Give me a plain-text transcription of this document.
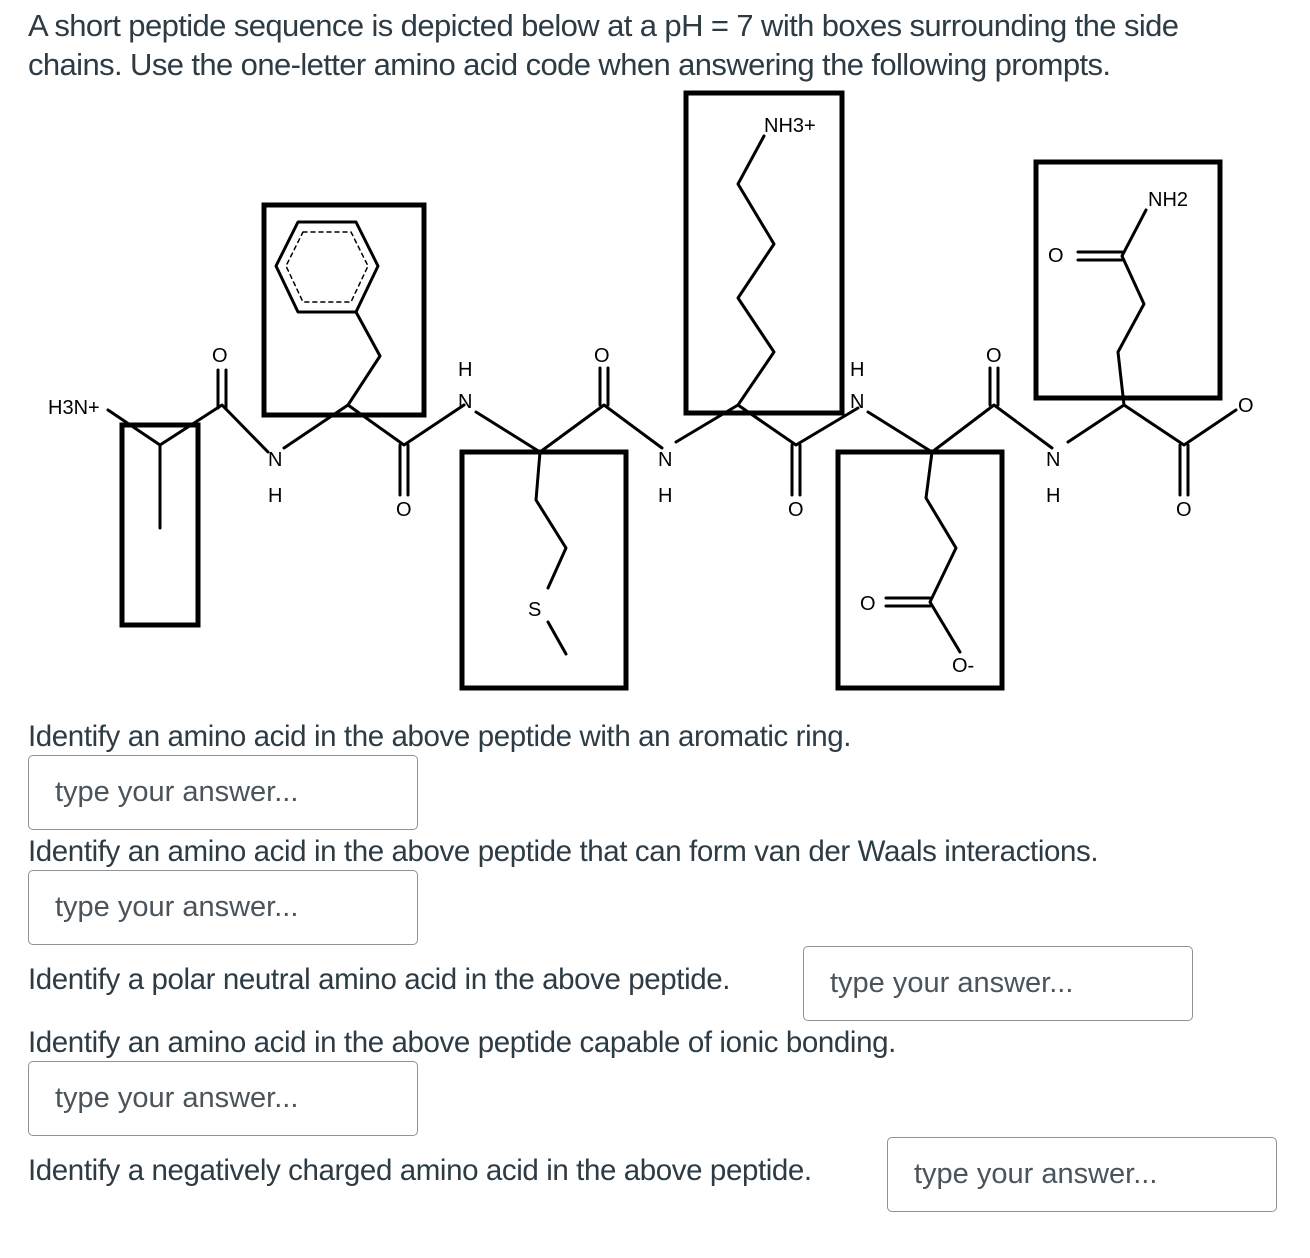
A short peptide sequence is depicted below at a pH = 7 with boxes surrounding the side
chains. Use the one-letter amino acid code when answering the following prompts.
H3N+
O
N
H
O
H
N
S
O
N
H
NH3+
O
H
N
O
O-
O
N
H
O
NH2
O
O
Identify an amino acid in the above peptide with an aromatic ring.
type your answer...
Identify an amino acid in the above peptide that can form van der Waals interactions.
type your answer...
Identify a polar neutral amino acid in the above peptide.
type your answer...
Identify an amino acid in the above peptide capable of ionic bonding.
type your answer...
Identify a negatively charged amino acid in the above peptide.
type your answer...
